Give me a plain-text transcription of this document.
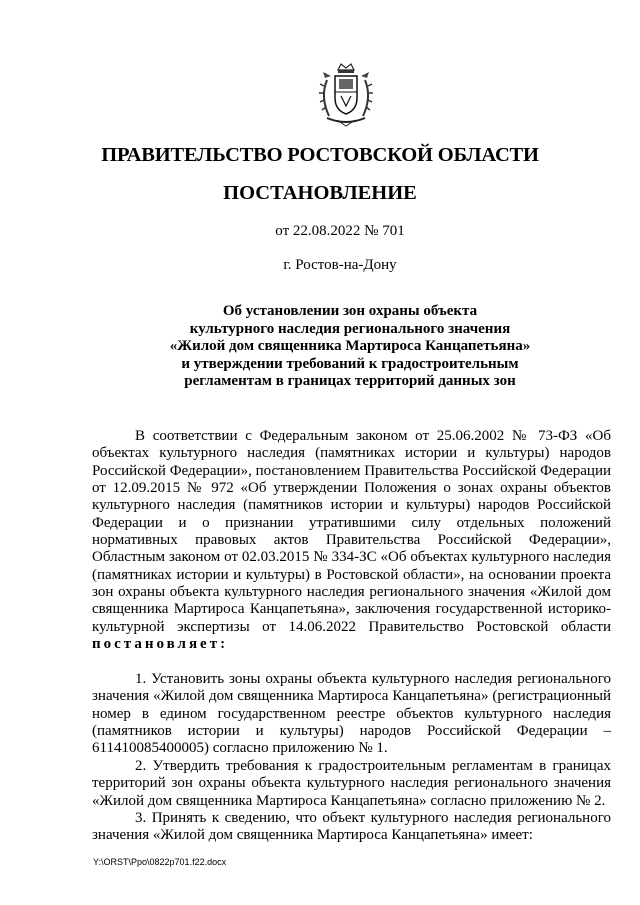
ПРАВИТЕЛЬСТВО РОСТОВСКОЙ ОБЛАСТИ
ПОСТАНОВЛЕНИЕ
от 22.08.2022 № 701
г. Ростов-на-Дону
Об установлении зон охраны объекта
культурного наследия регионального значения
«Жилой дом священника Мартироса Канцапетьяна»
и утверждении требований к градостроительным
регламентам в границах территорий данных зон
В соответствии с Федеральным законом от 25.06.2002 № 73-ФЗ «Об объектах культурного наследия (памятниках истории и культуры) народов Российской Федерации», постановлением Правительства Российской Федерации от 12.09.2015 № 972 «Об утверждении Положения о зонах охраны объектов культурного наследия (памятников истории и культуры) народов Российской Федерации и о признании утратившими силу отдельных положений нормативных правовых актов Правительства Российской Федерации», Областным законом от 02.03.2015 № 334-ЗС «Об объектах культурного наследия (памятниках истории и культуры) в Ростовской области», на основании проекта зон охраны объекта культурного наследия регионального значения «Жилой дом священника Мартироса Канцапетьяна», заключения государственной историко-культурной экспертизы от 14.06.2022 Правительство Ростовской области постановляет:
1. Установить зоны охраны объекта культурного наследия регионального значения «Жилой дом священника Мартироса Канцапетьяна» (регистрационный номер в едином государственном реестре объектов культурного наследия (памятников истории и культуры) народов Российской Федерации – 611410085400005) согласно приложению № 1.
2. Утвердить требования к градостроительным регламентам в границах территорий зон охраны объекта культурного наследия регионального значения «Жилой дом священника Мартироса Канцапетьяна» согласно приложению № 2.
3. Принять к сведению, что объект культурного наследия регионального значения «Жилой дом священника Мартироса Канцапетьяна» имеет:
Y:\ORST\Ppo\0822p701.f22.docx
